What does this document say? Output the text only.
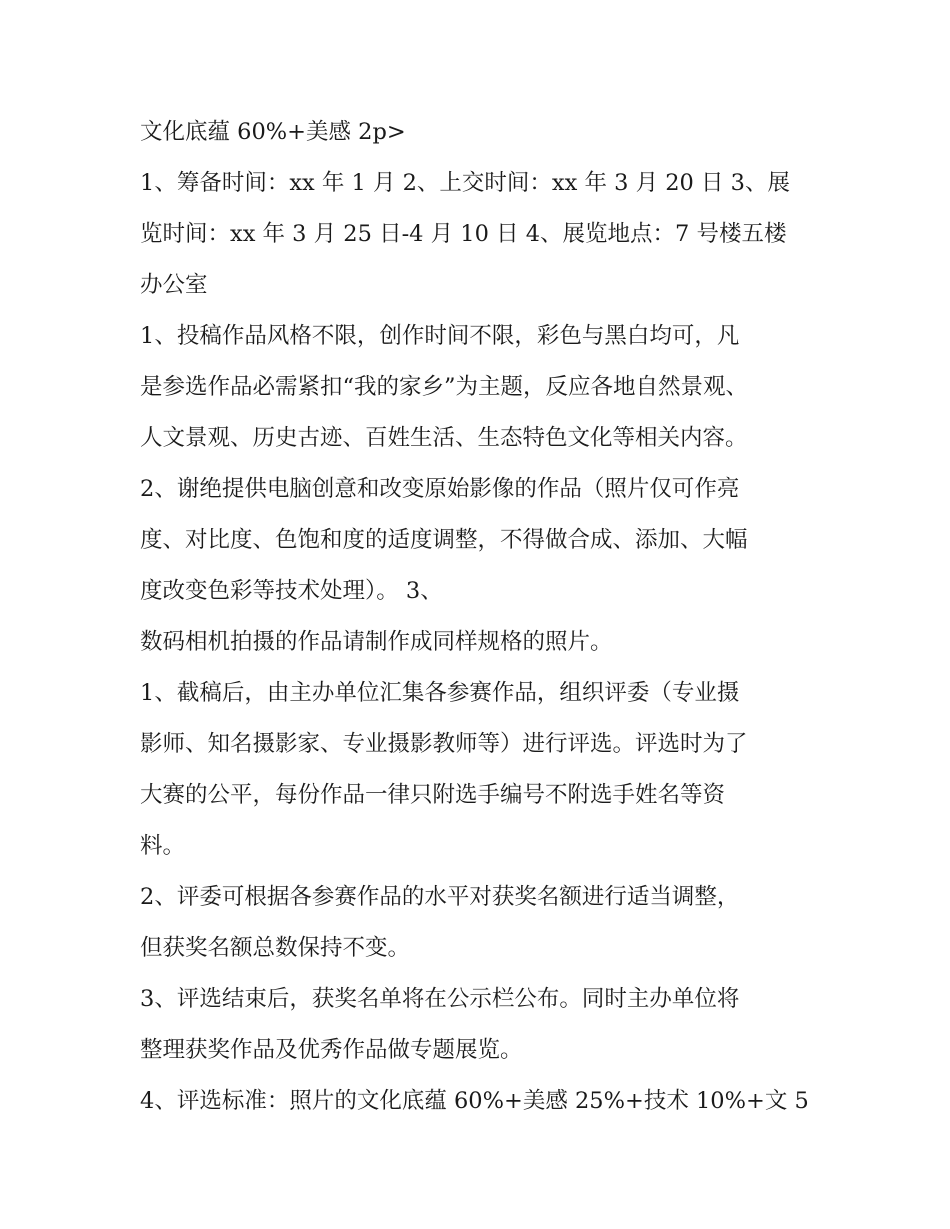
文化底蕴 60%+美感 2p>
1、筹备时间：xx 年 1 月 2、上交时间：xx 年 3 月 20 日 3、展
览时间：xx 年 3 月 25 日-4 月 10 日 4、展览地点：7 号楼五楼
办公室
1、投稿作品风格不限，创作时间不限，彩色与黑白均可，凡
是参选作品必需紧扣“我的家乡”为主题，反应各地自然景观、
人文景观、历史古迹、百姓生活、生态特色文化等相关内容。
2、谢绝提供电脑创意和改变原始影像的作品（照片仅可作亮
度、对比度、色饱和度的适度调整，不得做合成、添加、大幅
度改变色彩等技术处理）。 3、
数码相机拍摄的作品请制作成同样规格的照片。
1、截稿后，由主办单位汇集各参赛作品，组织评委（专业摄
影师、知名摄影家、专业摄影教师等）进行评选。评选时为了
大赛的公平，每份作品一律只附选手编号不附选手姓名等资
料。
2、评委可根据各参赛作品的水平对获奖名额进行适当调整，
但获奖名额总数保持不变。
3、评选结束后，获奖名单将在公示栏公布。同时主办单位将
整理获奖作品及优秀作品做专题展览。
4、评选标准：照片的文化底蕴 60%+美感 25%+技术 10%+文 5
